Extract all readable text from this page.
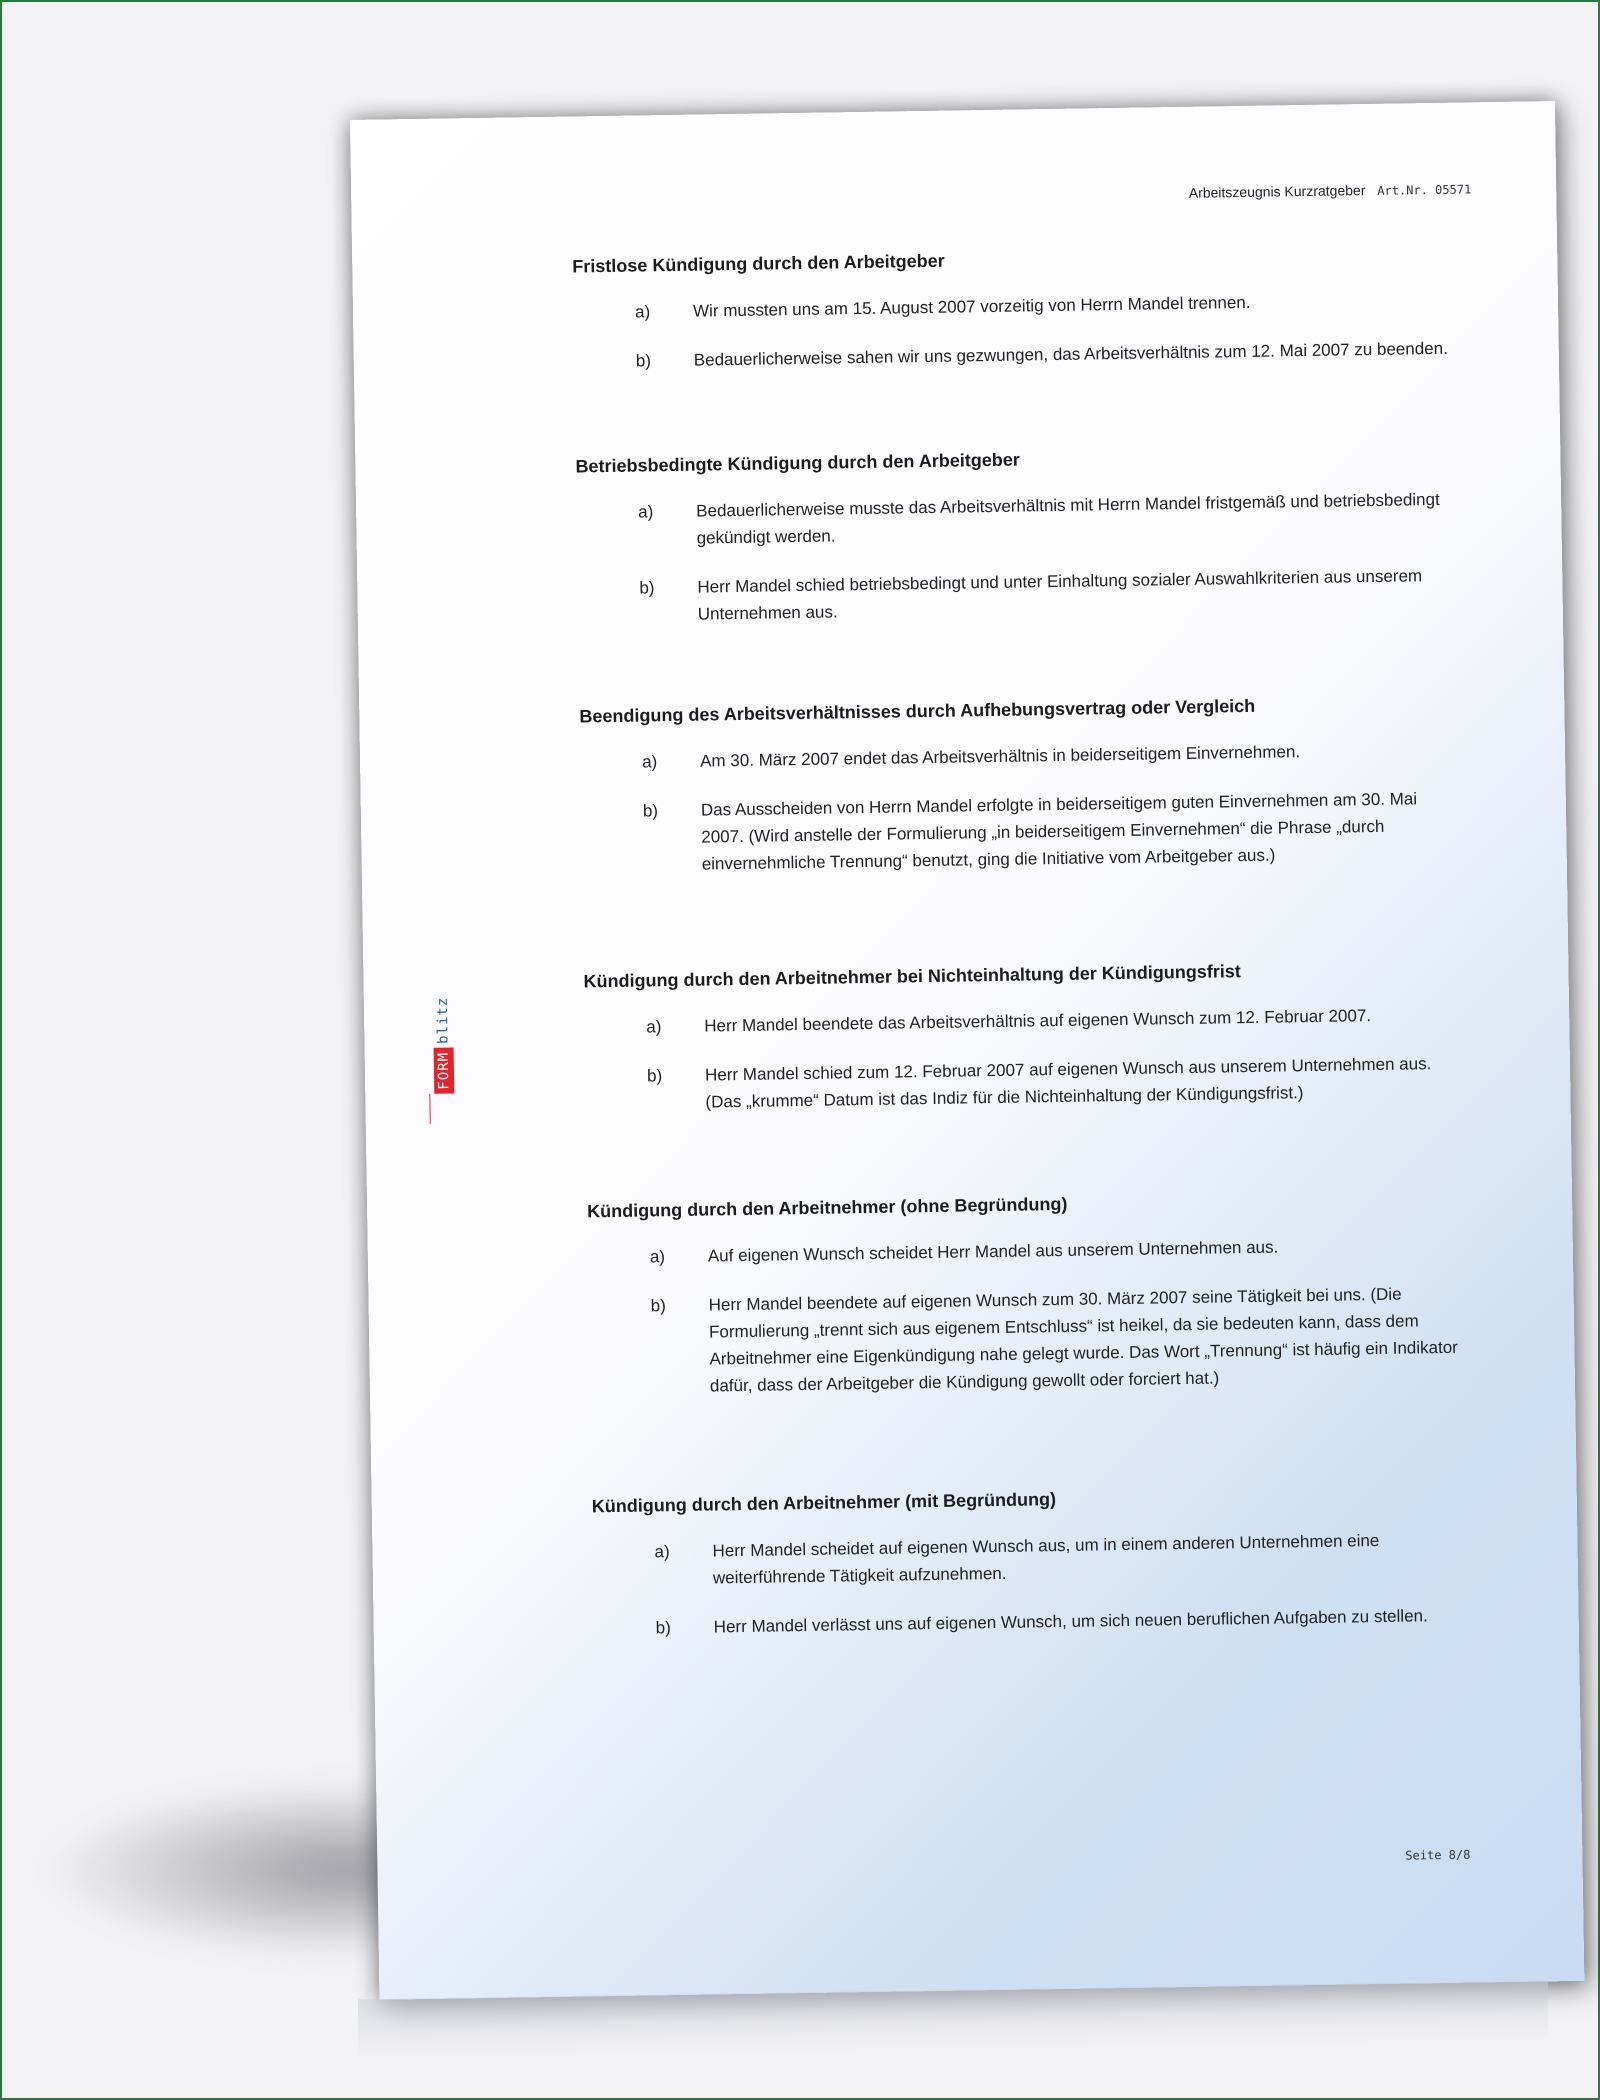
Arbeitszeugnis Kurzratgeber Art.Nr. 05571
FORM
blitz
Fristlose Kündigung durch den Arbeitgeber
a)	Wir mussten uns am 15. August 2007 vorzeitig von Herrn Mandel trennen.
b)	Bedauerlicherweise sahen wir uns gezwungen, das Arbeitsverhältnis zum 12. Mai 2007 zu beenden.
Betriebsbedingte Kündigung durch den Arbeitgeber
a)	Bedauerlicherweise musste das Arbeitsverhältnis mit Herrn Mandel fristgemäß und betriebsbedingt gekündigt werden.
b)	Herr Mandel schied betriebsbedingt und unter Einhaltung sozialer Auswahlkriterien aus unserem Unternehmen aus.
Beendigung des Arbeitsverhältnisses durch Aufhebungsvertrag oder Vergleich
a)	Am 30. März 2007 endet das Arbeitsverhältnis in beiderseitigem Einvernehmen.
b)	Das Ausscheiden von Herrn Mandel erfolgte in beiderseitigem guten Einvernehmen am 30. Mai 2007. (Wird anstelle der Formulierung „in beiderseitigem Einvernehmen“ die Phrase „durch einvernehmliche Trennung“ benutzt, ging die Initiative vom Arbeitgeber aus.)
Kündigung durch den Arbeitnehmer bei Nichteinhaltung der Kündigungsfrist
a)	Herr Mandel beendete das Arbeitsverhältnis auf eigenen Wunsch zum 12. Februar 2007.
b)	Herr Mandel schied zum 12. Februar 2007 auf eigenen Wunsch aus unserem Unternehmen aus. (Das „krumme“ Datum ist das Indiz für die Nichteinhaltung der Kündigungsfrist.)
Kündigung durch den Arbeitnehmer (ohne Begründung)
a)	Auf eigenen Wunsch scheidet Herr Mandel aus unserem Unternehmen aus.
b)	Herr Mandel beendete auf eigenen Wunsch zum 30. März 2007 seine Tätigkeit bei uns. (Die Formulierung „trennt sich aus eigenem Entschluss“ ist heikel, da sie bedeuten kann, dass dem Arbeitnehmer eine Eigenkündigung nahe gelegt wurde. Das Wort „Trennung“ ist häufig ein Indikator dafür, dass der Arbeitgeber die Kündigung gewollt oder forciert hat.)
Kündigung durch den Arbeitnehmer (mit Begründung)
a)	Herr Mandel scheidet auf eigenen Wunsch aus, um in einem anderen Unternehmen eine weiterführende Tätigkeit aufzunehmen.
b)	Herr Mandel verlässt uns auf eigenen Wunsch, um sich neuen beruflichen Aufgaben zu stellen.
Seite 8/8
